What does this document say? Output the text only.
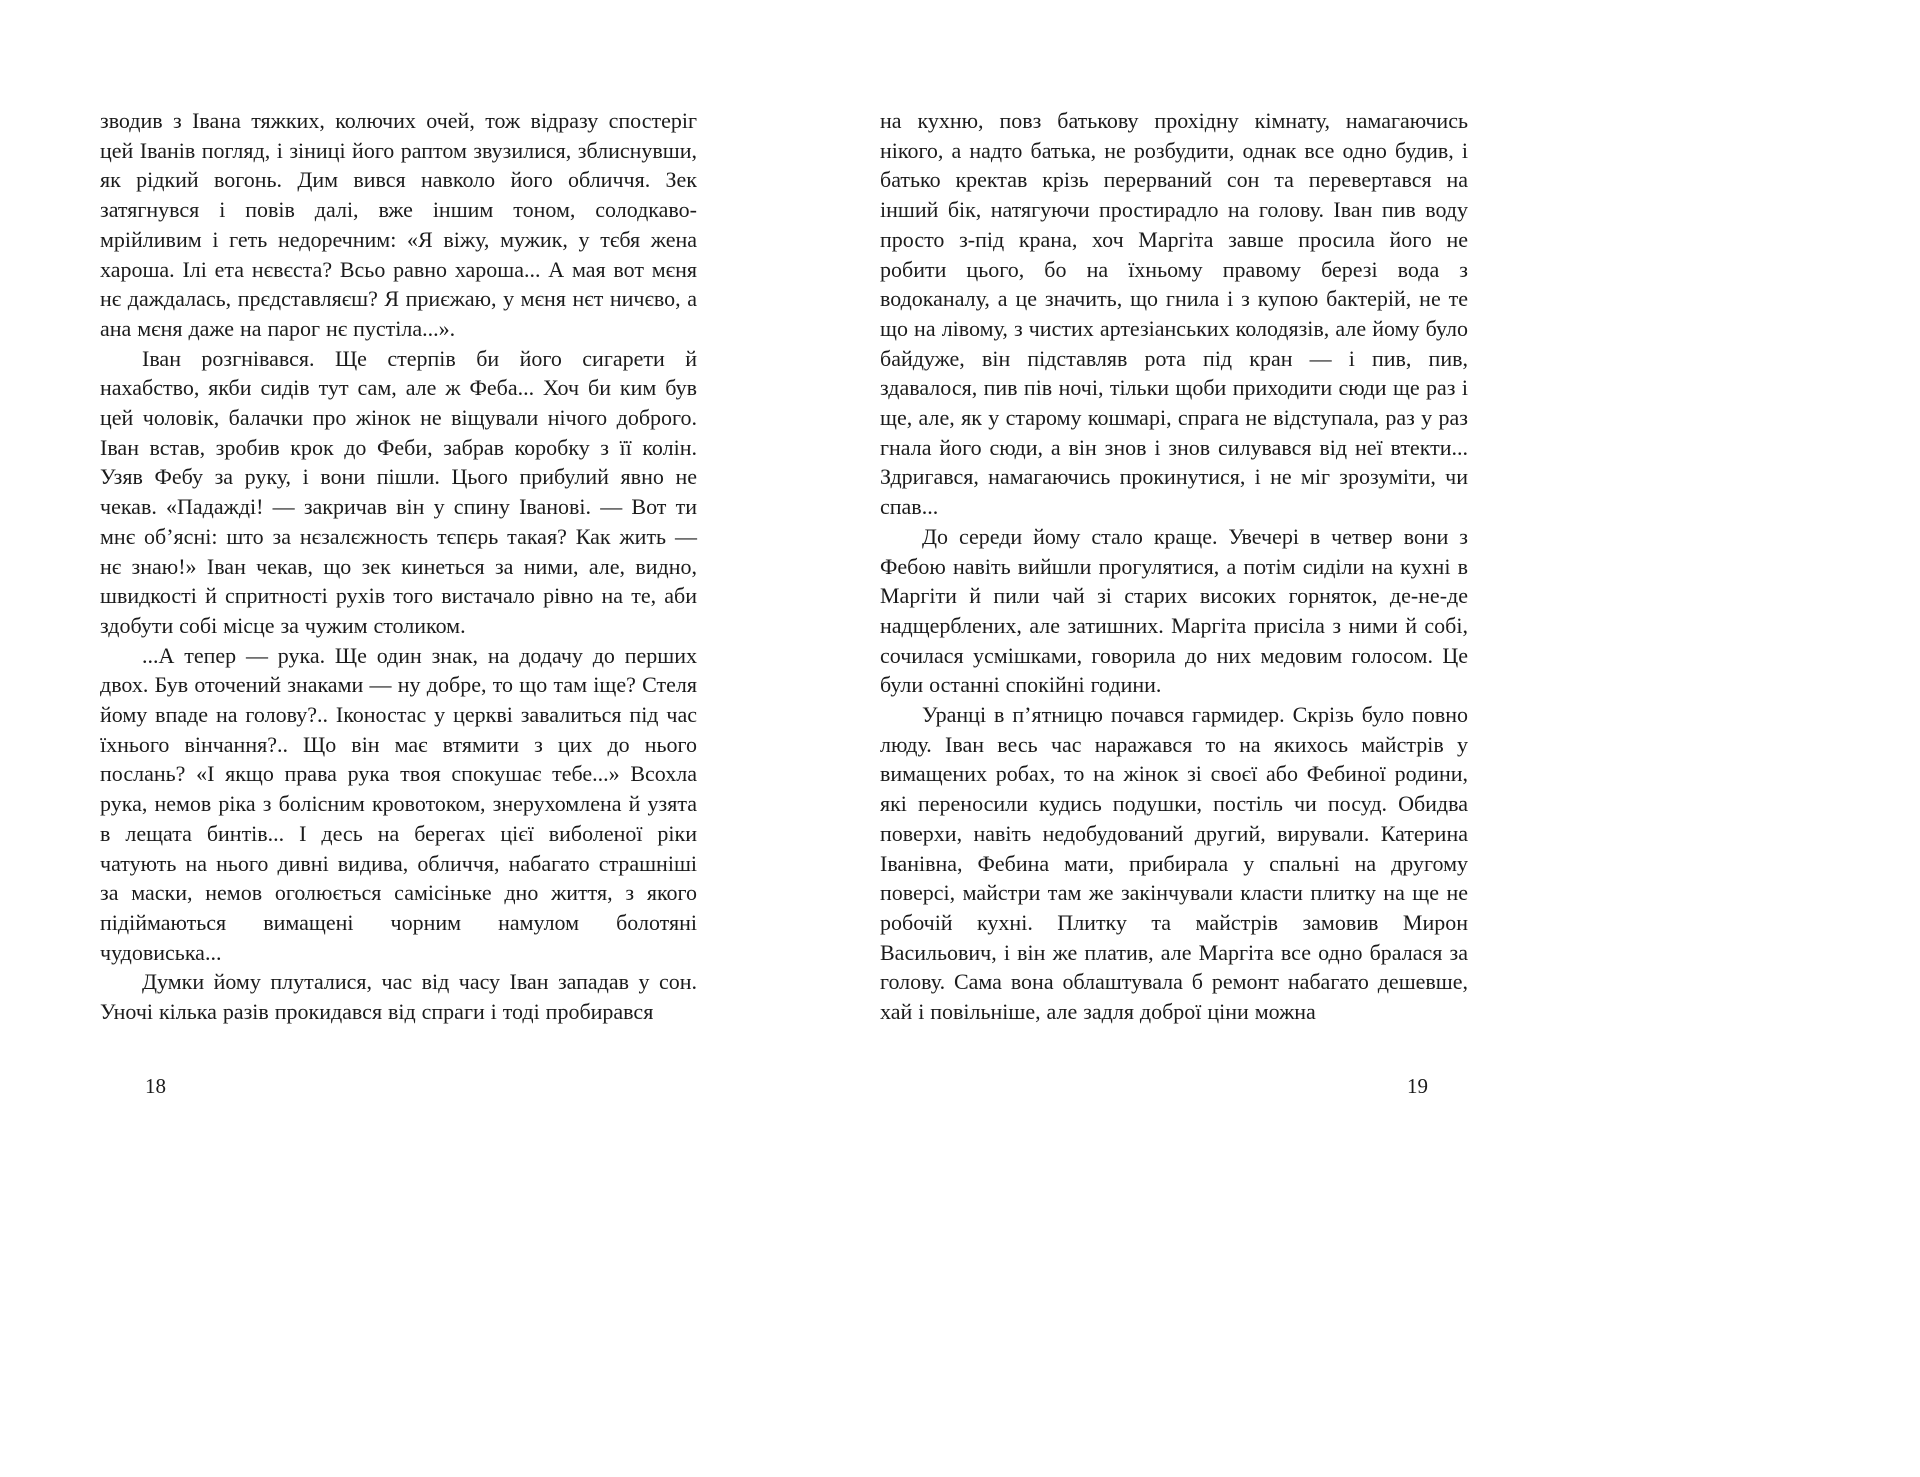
зводив з Івана тяжких, колючих очей, тож відразу спостеріг цей Іванів погляд, і зіниці його раптом звузилися, зблиснувши, як рідкий вогонь. Дим вився навколо його обличчя. Зек затягнувся і повів далі, вже іншим тоном, солодкаво-мрійливим і геть недоречним: «Я віжу, мужик, у тєбя жена хароша. Ілі ета нєвєста? Всьо равно хароша... А мая вот мєня нє даждалась, прєдставляєш? Я приєжаю, у мєня нєт ничєво, а ана мєня даже на парог нє пустіла...».

Іван розгнівався. Ще стерпів би його сигарети й нахабство, якби сидів тут сам, але ж Феба... Хоч би ким був цей чоловік, балачки про жінок не віщували нічого доброго. Іван встав, зробив крок до Феби, забрав коробку з її колін. Узяв Фебу за руку, і вони пішли. Цього прибулий явно не чекав. «Падажді! — закричав він у спину Іванові. — Вот ти мнє об’ясні: што за нєзалєжность тєпєрь такая? Как жить — нє знаю!» Іван чекав, що зек кинеться за ними, але, видно, швидкості й спритності рухів того вистачало рівно на те, аби здобути собі місце за чужим столиком.

...А тепер — рука. Ще один знак, на додачу до перших двох. Був оточений знаками — ну добре, то що там іще? Стеля йому впаде на голову?.. Іконостас у церкві завалиться під час їхнього вінчання?.. Що він має втямити з цих до нього послань? «І якщо права рука твоя спокушає тебе...» Всохла рука, немов ріка з болісним кровотоком, знерухомлена й узята в лещата бинтів... І десь на берегах цієї виболеної ріки чатують на нього дивні видива, обличчя, набагато страшніші за маски, немов оголюється самісіньке дно життя, з якого підіймаються вимащені чорним намулом болотяні чудовиська...

Думки йому плуталися, час від часу Іван западав у сон. Уночі кілька разів прокидався від спраги і тоді пробирався

18

на кухню, повз батькову прохідну кімнату, намагаючись нікого, а надто батька, не розбудити, однак все одно будив, і батько кректав крізь перерваний сон та перевертався на інший бік, натягуючи простирадло на голову. Іван пив воду просто з-під крана, хоч Маргіта завше просила його не робити цього, бо на їхньому правому березі вода з водоканалу, а це значить, що гнила і з купою бактерій, не те що на лівому, з чистих артезіанських колодязів, але йому було байдуже, він підставляв рота під кран — і пив, пив, здавалося, пив пів ночі, тільки щоби приходити сюди ще раз і ще, але, як у старому кошмарі, спрага не відступала, раз у раз гнала його сюди, а він знов і знов силувався від неї втекти... Здригався, намагаючись прокинутися, і не міг зрозуміти, чи спав...

До середи йому стало краще. Увечері в четвер вони з Фебою навіть вийшли прогулятися, а потім сиділи на кухні в Маргіти й пили чай зі старих високих горняток, де-не-де надщерблених, але затишних. Маргіта присіла з ними й собі, сочилася усмішками, говорила до них медовим голосом. Це були останні спокійні години.

Уранці в п’ятницю почався гармидер. Скрізь було повно люду. Іван весь час наражався то на якихось майстрів у вимащених робах, то на жінок зі своєї або Фебиної родини, які переносили кудись подушки, постіль чи посуд. Обидва поверхи, навіть недобудований другий, вирували. Катерина Іванівна, Фебина мати, прибирала у спальні на другому поверсі, майстри там же закінчували класти плитку на ще не робочій кухні. Плитку та майстрів замовив Мирон Васильович, і він же платив, але Маргіта все одно бралася за голову. Сама вона облаштувала б ремонт набагато дешевше, хай і повільніше, але задля доброї ціни можна

19
